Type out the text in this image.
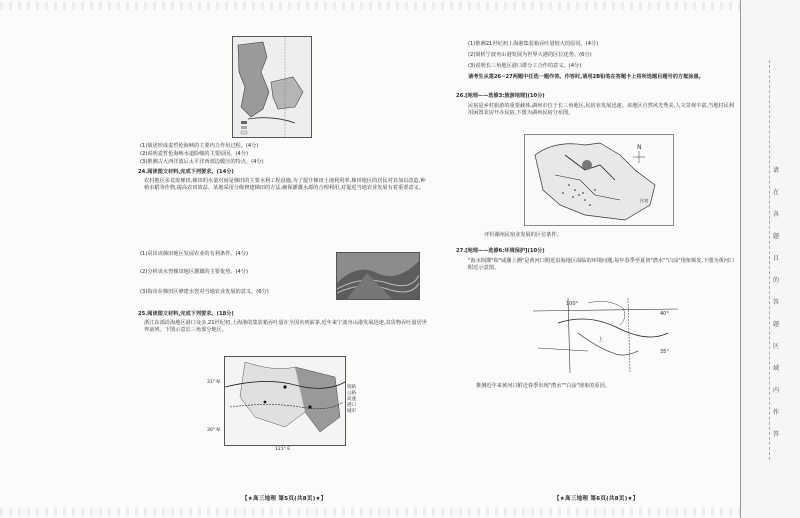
(1)简述形成麦哲伦海峡的主要内力作用过程。(4分)
(2)说明麦哲伦海峡水道险峻的主要原因。(4分)
(3)推测古大西洋波后太平洋西部边暖压的特点。(4分)
24.阅读图文材料,完成下列要求。(14分)
农村地区多荒废梯田,梯田的水量对间是梯田的主要水利工程设施,为了提升梯田土地利用率,梯田地区的居民对其加以改造,种植水稻等作物,提高农田效益。某地采用分级修建梯田的方法,确保灌溉水源的合理利用,对促进当地农业发展有着重要意义。
(1)说出该梯田地区发展农业的有利条件。(4分)
(2)分析该水窖梯田地区灌溉的主要优势。(4分)
(3)指出在梯田区修建水窖对当地农业发展的意义。(6分)
25.阅读图文材料,完成下列要求。(18分)
浙江东部沿海地区港口众多,21世纪初,上海港的集装箱吞吐量在全国名列前茅,近年来宁波舟山港发展迅速,其货物吞吐量居世界前列。下图示意长三角部分地区。
铁路
公路
高速
港口
城市
31° N
30° N
121° E
【★高三地理 第5页(共8页)★】
(1)推测21世纪初上海港集装箱吞吐量较大的原因。(4分)
(2)简析宁波舟山港发展为世界大港的区位优势。(6分)
(3)说明长三角地区港口群分工合作的意义。(4分)
请考生从第26~27两题中任选一题作答。作答时,请用2B铅笔在答题卡上将所选题目题号的方框涂黑。
26.[地理——选修3:旅游地理](10分)
民宿是乡村旅游的重要载体,湖州市位于长三角地区,民宿业发展迅速。该地区自然风光秀美,人文景观丰富,当地村民利用闲置农房开办民宿,下图为湖州民宿分布图。
N
民宿
评价湖州民宿业发展的区位条件。
27.[地理——选修6:环境保护](10分)
"海水倒灌"和"咸潮上溯"是黄河口附近沿海地区面临的环境问题,每年春季至夏初"潜水""白涂"现象频发,下图为黄河口附近示意图。
100°
40°
35°
上
推测近年来黄河口附近春季出现"潜水""白涂"现象的原因。
【★高三地理 第6页(共8页)★】
请在各题目的答题区域内作答
